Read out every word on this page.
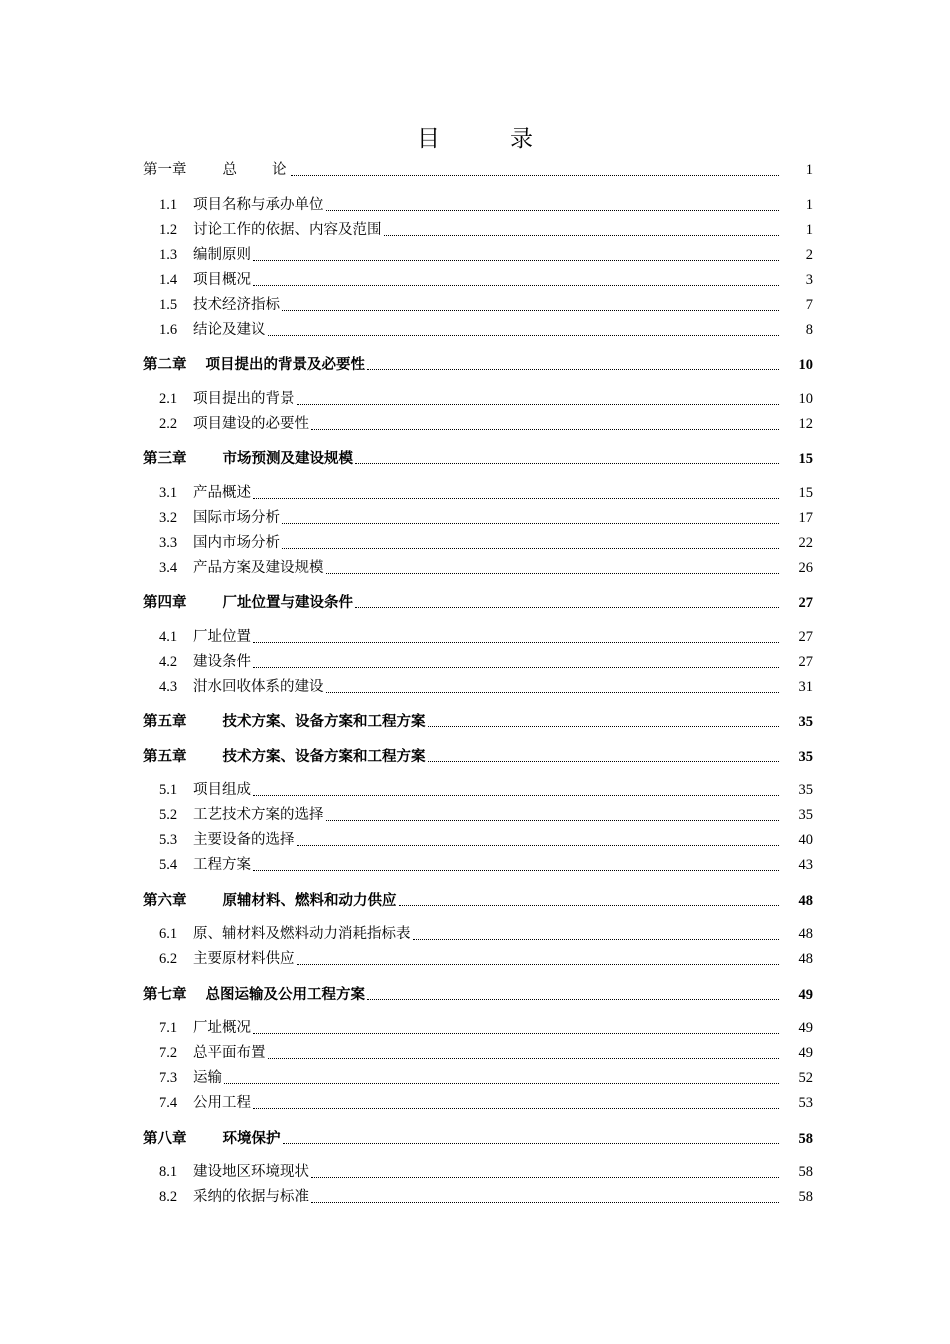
目	录
第一章 总　　论	1
1.1	项目名称与承办单位	1
1.2	讨论工作的依据、内容及范围	1
1.3	编制原则	2
1.4	项目概况	3
1.5	技术经济指标	7
1.6	结论及建议	8
第二章 项目提出的背景及必要性	10
2.1	项目提出的背景	10
2.2	项目建设的必要性	12
第三章 市场预测及建设规模	15
3.1	产品概述	15
3.2	国际市场分析	17
3.3	国内市场分析	22
3.4	产品方案及建设规模	26
第四章 厂址位置与建设条件	27
4.1	厂址位置	27
4.2	建设条件	27
4.3	泔水回收体系的建设	31
第五章 技术方案、设备方案和工程方案	35
第五章 技术方案、设备方案和工程方案	35
5.1	项目组成	35
5.2	工艺技术方案的选择	35
5.3	主要设备的选择	40
5.4	工程方案	43
第六章 原辅材料、燃料和动力供应	48
6.1	原、辅材料及燃料动力消耗指标表	48
6.2	主要原材料供应	48
第七章 总图运输及公用工程方案	49
7.1	厂址概况	49
7.2	总平面布置	49
7.3	运输	52
7.4	公用工程	53
第八章 环境保护	58
8.1	建设地区环境现状	58
8.2	采纳的依据与标准	58
